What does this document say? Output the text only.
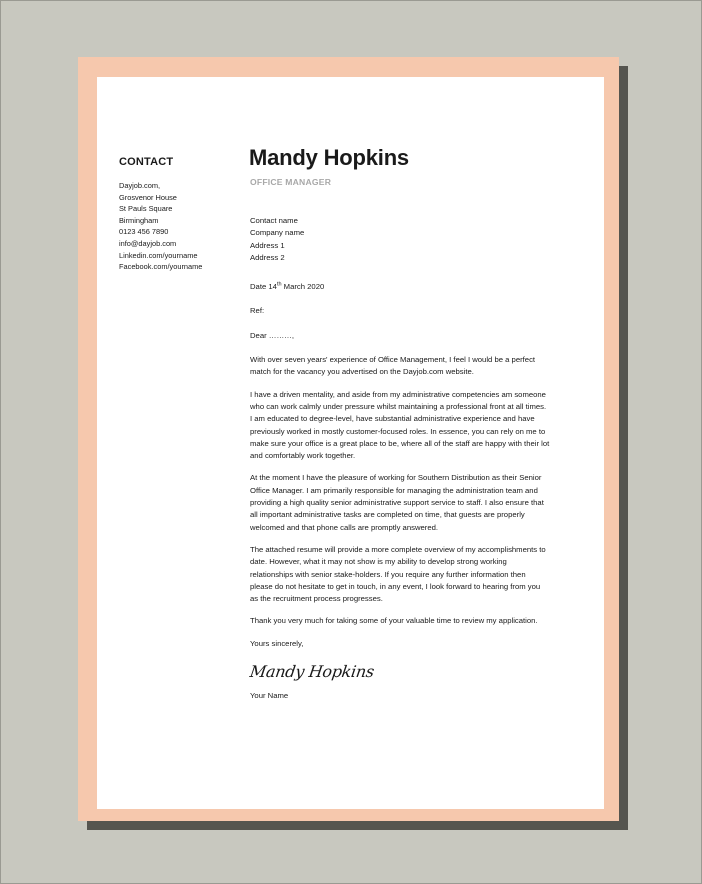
CONTACT
Dayjob.com,
Grosvenor House
St Pauls Square
Birmingham
0123 456 7890
info@dayjob.com
Linkedin.com/yourname
Facebook.com/yourname
Mandy Hopkins
OFFICE MANAGER
Contact name
Company name
Address 1
Address 2
Date 14th March 2020
Ref:
Dear ………,

With over seven years' experience of Office Management, I feel I would be a perfect match for the vacancy you advertised on the Dayjob.com website.

I have a driven mentality, and aside from my administrative competencies am someone who can work calmly under pressure whilst maintaining a professional front at all times. I am educated to degree-level, have substantial administrative experience and have previously worked in mostly customer-focused roles. In essence, you can rely on me to make sure your office is a great place to be, where all of the staff are happy with their lot and comfortably work together.

At the moment I have the pleasure of working for Southern Distribution as their Senior Office Manager. I am primarily responsible for managing the administration team and providing a high quality senior administrative support service to staff. I also ensure that all important administrative tasks are completed on time, that guests are properly welcomed and that phone calls are promptly answered.

The attached resume will provide a more complete overview of my accomplishments to date. However, what it may not show is my ability to develop strong working relationships with senior stake-holders. If you require any further information then please do not hesitate to get in touch, in any event, I look forward to hearing from you as the recruitment process progresses.

Thank you very much for taking some of your valuable time to review my application.

Yours sincerely,
Mandy Hopkins
Your Name
